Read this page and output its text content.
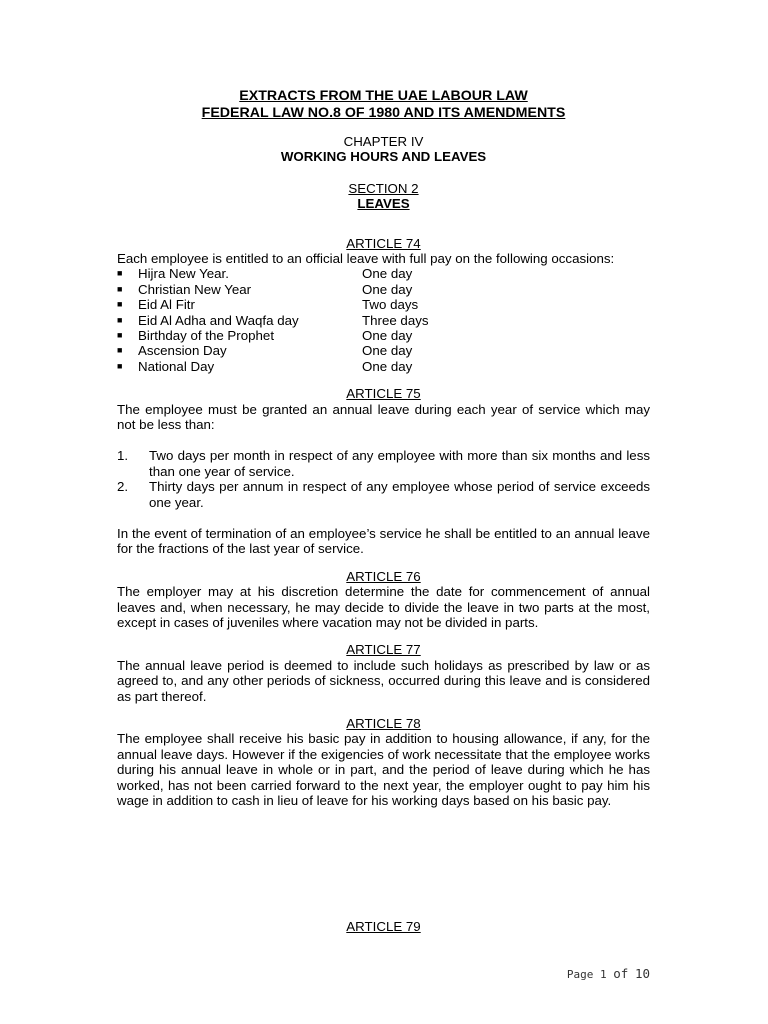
EXTRACTS FROM THE UAE LABOUR LAW
FEDERAL LAW NO.8 OF 1980 AND ITS AMENDMENTS
CHAPTER IV
WORKING HOURS AND LEAVES
SECTION 2
LEAVES
ARTICLE 74
Each employee is entitled to an official leave with full pay on the following occasions:
■	Hijra New Year.	One day
■	Christian New Year	One day
■	Eid Al Fitr	Two days
■	Eid Al Adha and Waqfa day	Three days
■	Birthday of the Prophet	One day
■	Ascension Day	One day
■	National Day	One day
ARTICLE 75
The employee must be granted an annual leave during each year of service which may not be less than:
1.	Two days per month in respect of any employee with more than six months and less than one year of service.
2.	Thirty days per annum in respect of any employee whose period of service exceeds one year.
In the event of termination of an employee’s service he shall be entitled to an annual leave for the fractions of the last year of service.
ARTICLE 76
The employer may at his discretion determine the date for commencement of annual leaves and, when necessary, he may decide to divide the leave in two parts at the most, except in cases of juveniles where vacation may not be divided in parts.
ARTICLE 77
The annual leave period is deemed to include such holidays as prescribed by law or as agreed to, and any other periods of sickness, occurred during this leave and is considered as part thereof.
ARTICLE 78
The employee shall receive his basic pay in addition to housing allowance, if any, for the annual leave days. However if the exigencies of work necessitate that the employee works during his annual leave in whole or in part, and the period of leave during which he has worked, has not been carried forward to the next year, the employer ought to pay him his wage in addition to cash in lieu of leave for his working days based on his basic pay.
ARTICLE 79
Page 1 of 10
